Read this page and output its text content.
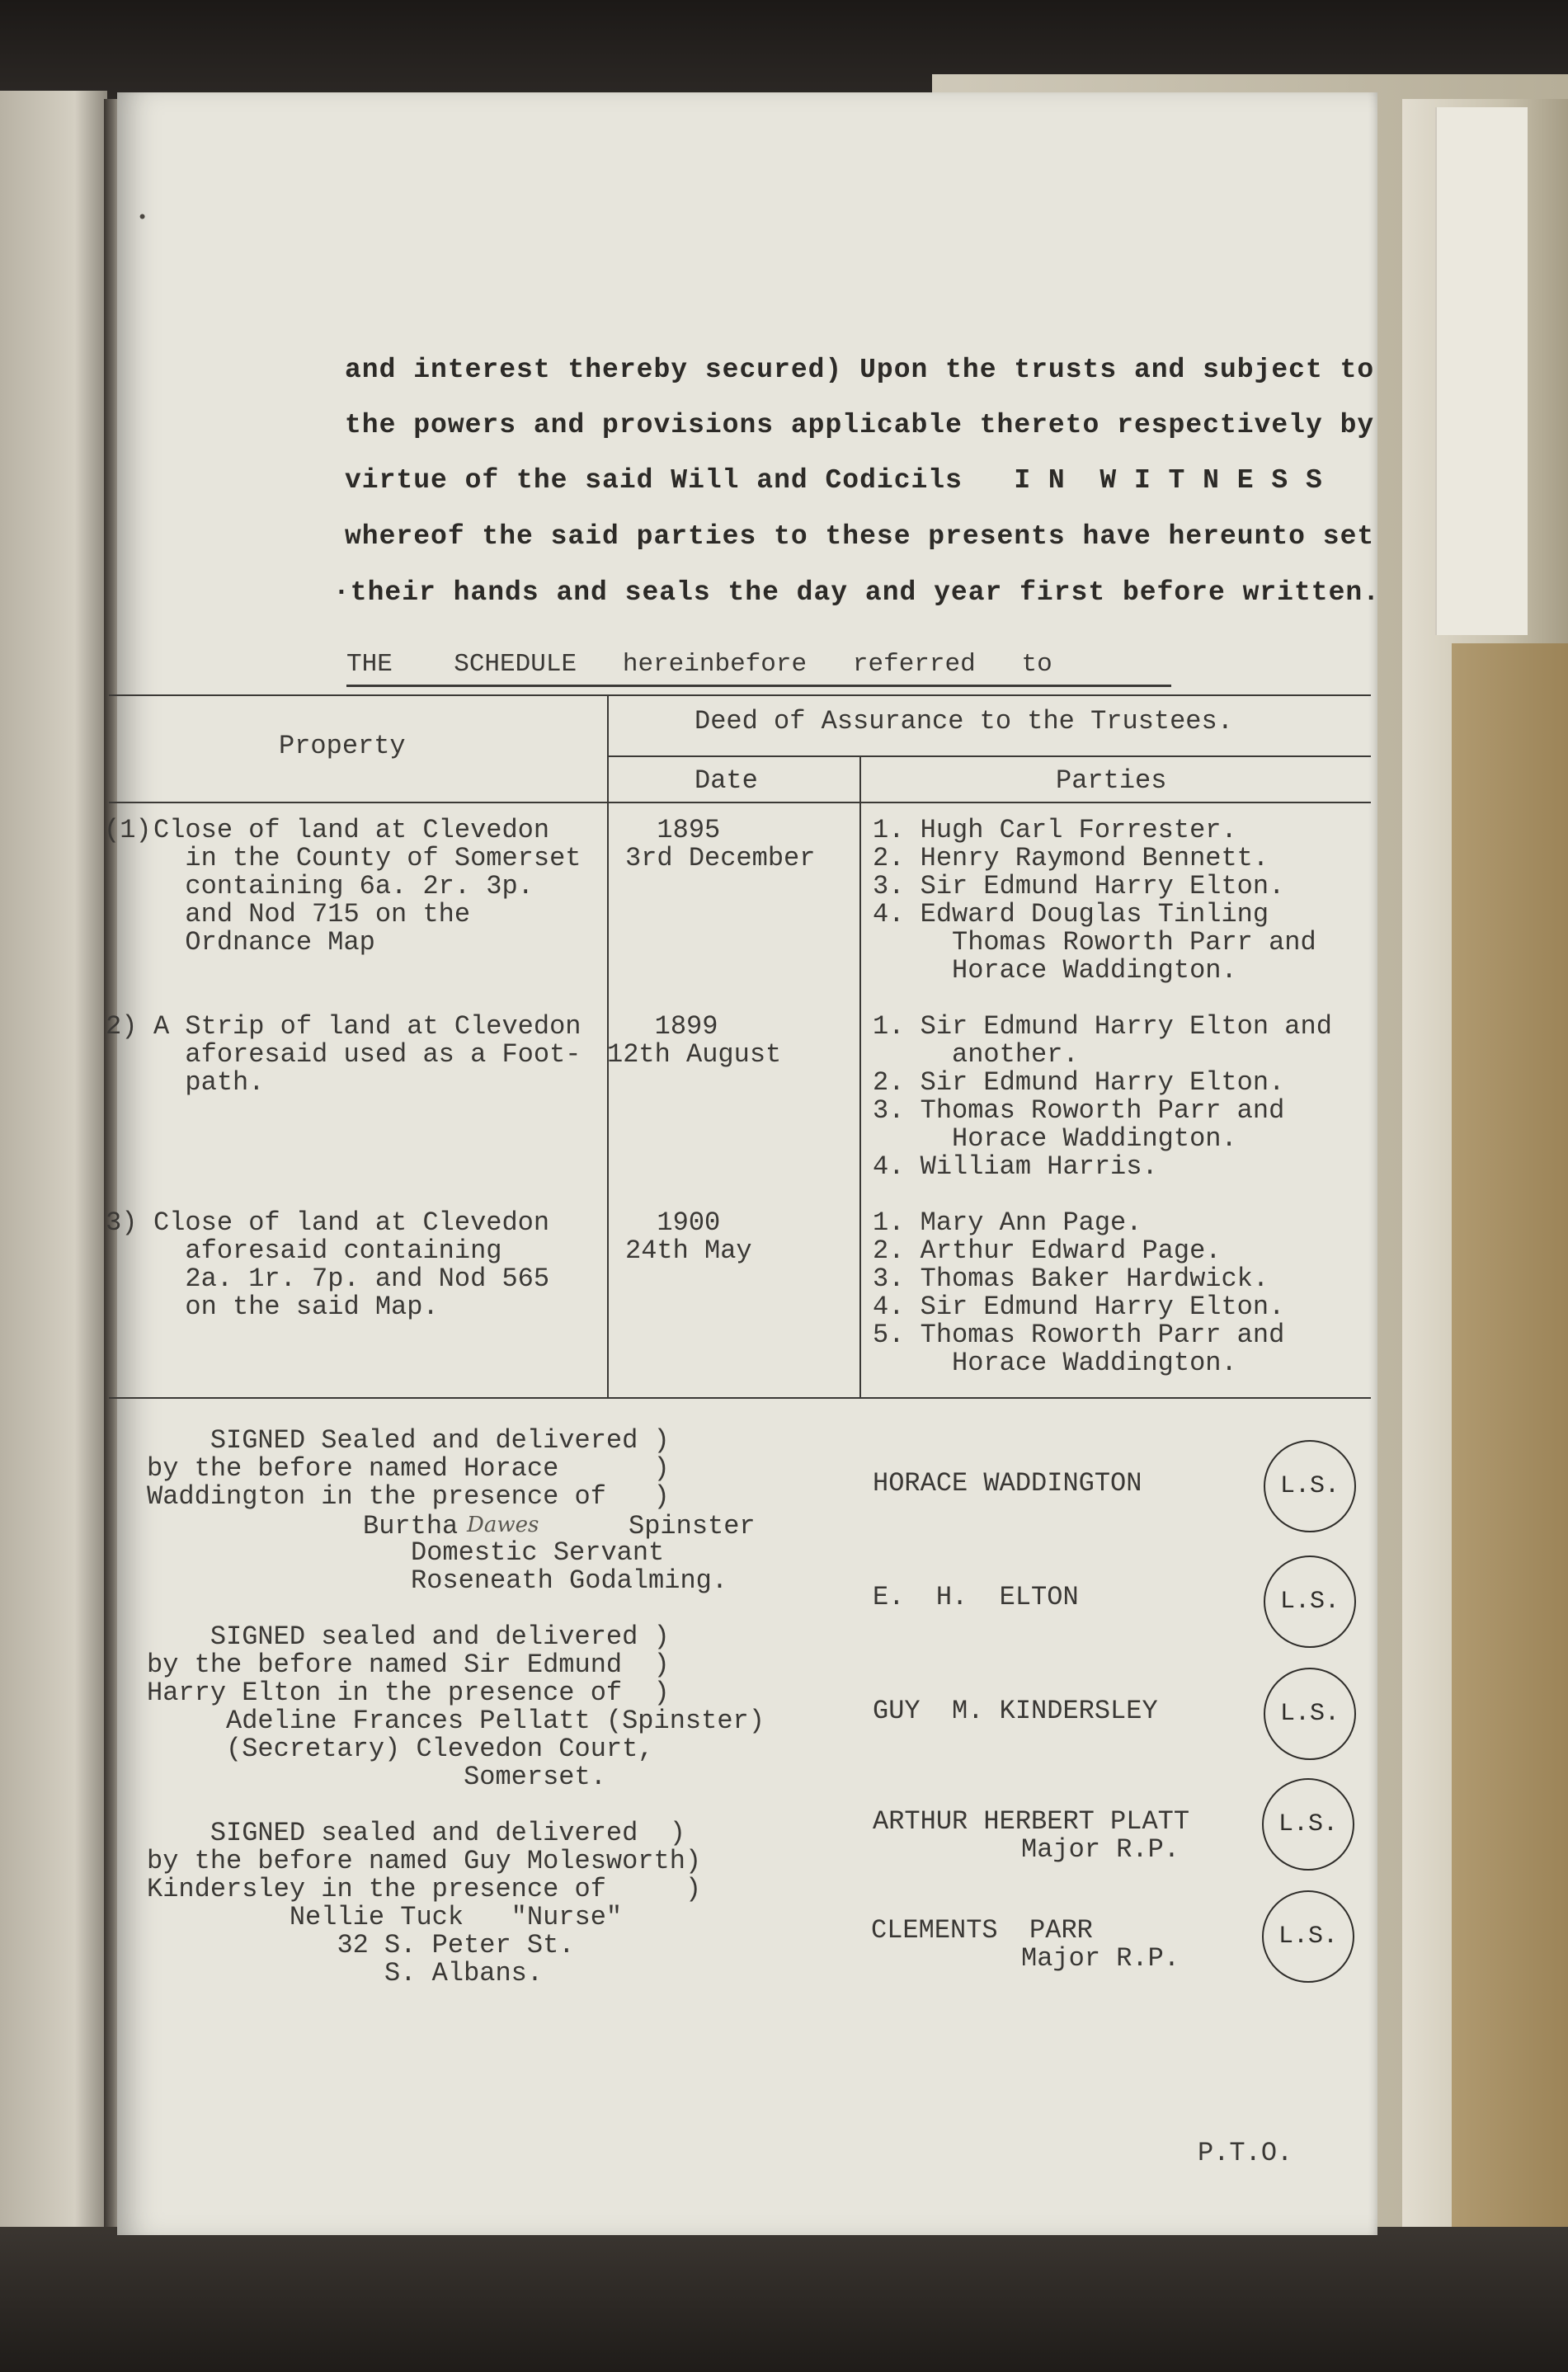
and interest thereby secured) Upon the trusts and subject to
the powers and provisions applicable thereto respectively by
virtue of the said Will and Codicils   I N  W I T N E S S
whereof the said parties to these presents have hereunto set
·their hands and seals the day and year first before written.
THE    SCHEDULE   hereinbefore   referred   to
Property
Deed of Assurance to the Trustees.
Date	Parties
(1) Close of land at Clevedon
in the County of Somerset
containing 6a. 2r. 3p.
and Nod 715 on the
Ordnance Map
1895
3rd December
1. Hugh Carl Forrester.
2. Henry Raymond Bennett.
3. Sir Edmund Harry Elton.
4. Edward Douglas Tinling
Thomas Roworth Parr and
Horace Waddington.
2) A Strip of land at Clevedon
aforesaid used as a Foot-
path.
1899
12th August
1. Sir Edmund Harry Elton and
another.
2. Sir Edmund Harry Elton.
3. Thomas Roworth Parr and
Horace Waddington.
4. William Harris.
3) Close of land at Clevedon
aforesaid containing
2a. 1r. 7p. and Nod 565
on the said Map.
1900
24th May
1. Mary Ann Page.
2. Arthur Edward Page.
3. Thomas Baker Hardwick.
4. Sir Edmund Harry Elton.
5. Thomas Roworth Parr and
Horace Waddington.
SIGNED Sealed and delivered )
by the before named Horace      )
Waddington in the presence of   )
Burtha Dawes	Spinster
Domestic Servant
Roseneath Godalming.
SIGNED sealed and delivered )
by the before named Sir Edmund  )
Harry Elton in the presence of  )
Adeline Frances Pellatt (Spinster)
(Secretary) Clevedon Court,
Somerset.
SIGNED sealed and delivered  )
by the before named Guy Molesworth)
Kindersley in the presence of     )
Nellie Tuck   "Nurse"
32 S. Peter St.
S. Albans.
HORACE WADDINGTON
E.  H.  ELTON
GUY  M. KINDERSLEY
ARTHUR HERBERT PLATT
Major R.P.
CLEMENTS  PARR
Major R.P.
L.S.
L.S.
L.S.
L.S.
L.S.
P.T.O.
•
